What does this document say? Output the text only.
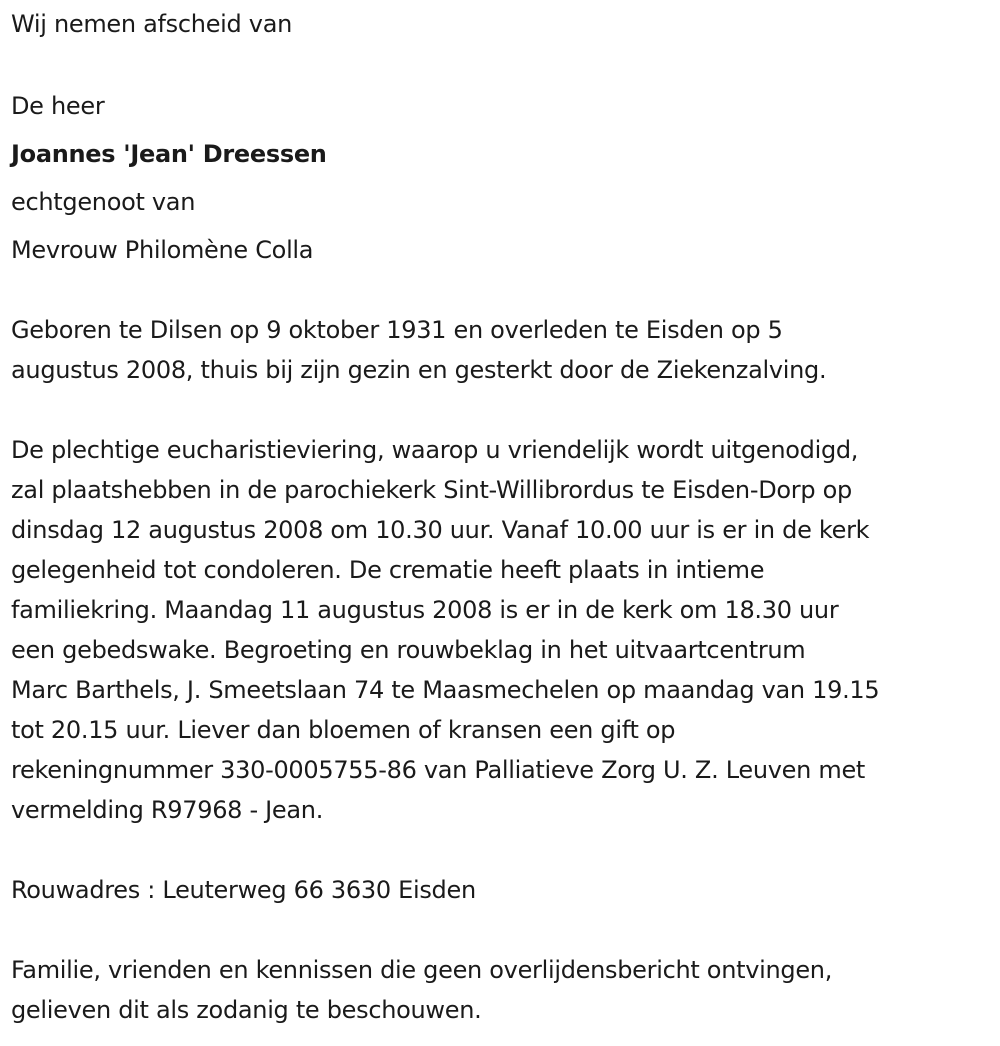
Wij nemen afscheid van
De heer
Joannes 'Jean' Dreessen
echtgenoot van
Mevrouw Philomène Colla
Geboren te Dilsen op 9 oktober 1931 en overleden te Eisden op 5
augustus 2008, thuis bij zijn gezin en gesterkt door de Ziekenzalving.
De plechtige eucharistieviering, waarop u vriendelijk wordt uitgenodigd,
zal plaatshebben in de parochiekerk Sint-Willibrordus te Eisden-Dorp op
dinsdag 12 augustus 2008 om 10.30 uur. Vanaf 10.00 uur is er in de kerk
gelegenheid tot condoleren. De crematie heeft plaats in intieme
familiekring. Maandag 11 augustus 2008 is er in de kerk om 18.30 uur
een gebedswake. Begroeting en rouwbeklag in het uitvaartcentrum
Marc Barthels, J. Smeetslaan 74 te Maasmechelen op maandag van 19.15
tot 20.15 uur. Liever dan bloemen of kransen een gift op
rekeningnummer 330-0005755-86 van Palliatieve Zorg U. Z. Leuven met
vermelding R97968 - Jean.
Rouwadres : Leuterweg 66 3630 Eisden
Familie, vrienden en kennissen die geen overlijdensbericht ontvingen,
gelieven dit als zodanig te beschouwen.
